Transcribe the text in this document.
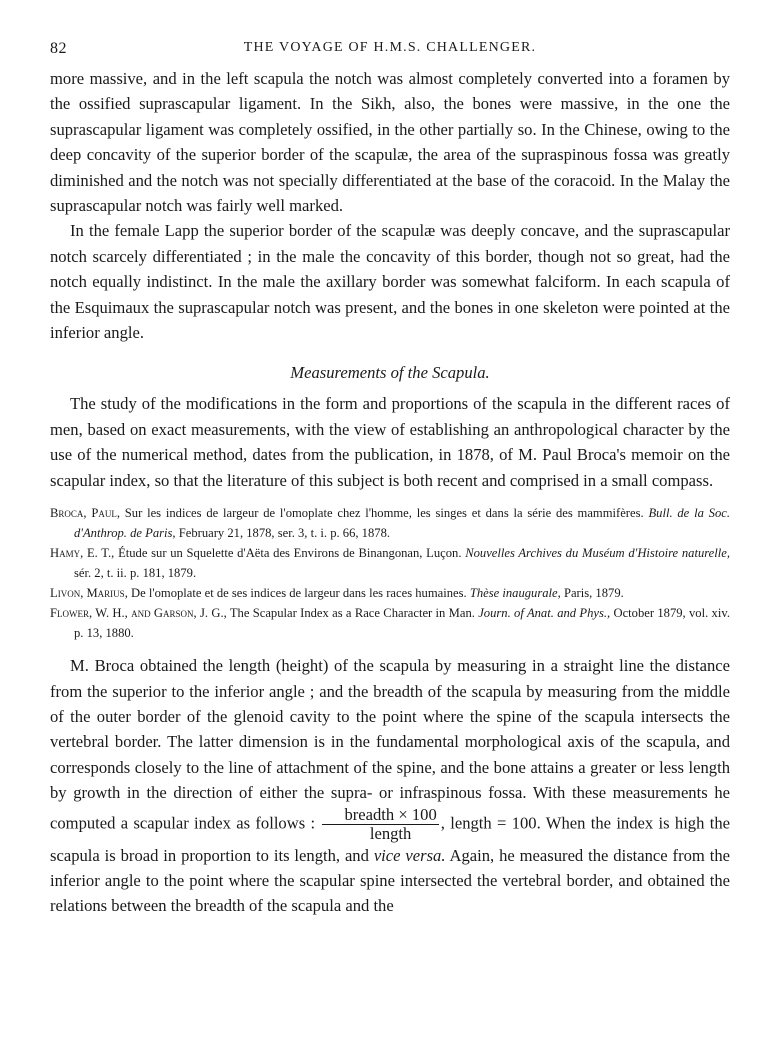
82	THE VOYAGE OF H.M.S. CHALLENGER.

more massive, and in the left scapula the notch was almost completely converted into a foramen by the ossified suprascapular ligament. In the Sikh, also, the bones were massive, in the one the suprascapular ligament was completely ossified, in the other partially so. In the Chinese, owing to the deep concavity of the superior border of the scapulæ, the area of the supraspinous fossa was greatly diminished and the notch was not specially differentiated at the base of the coracoid. In the Malay the suprascapular notch was fairly well marked.

In the female Lapp the superior border of the scapulæ was deeply concave, and the suprascapular notch scarcely differentiated ; in the male the concavity of this border, though not so great, had the notch equally indistinct. In the male the axillary border was somewhat falciform. In each scapula of the Esquimaux the suprascapular notch was present, and the bones in one skeleton were pointed at the inferior angle.

Measurements of the Scapula.

The study of the modifications in the form and proportions of the scapula in the different races of men, based on exact measurements, with the view of establishing an anthropological character by the use of the numerical method, dates from the publication, in 1878, of M. Paul Broca's memoir on the scapular index, so that the literature of this subject is both recent and comprised in a small compass.

Broca, Paul, Sur les indices de largeur de l'omoplate chez l'homme, les singes et dans la série des mammifères. Bull. de la Soc. d'Anthrop. de Paris, February 21, 1878, ser. 3, t. i. p. 66, 1878.
Hamy, E. T., Étude sur un Squelette d'Aëta des Environs de Binangonan, Luçon. Nouvelles Archives du Muséum d'Histoire naturelle, sér. 2, t. ii. p. 181, 1879.
Livon, Marius, De l'omoplate et de ses indices de largeur dans les races humaines. Thèse inaugurale, Paris, 1879.
Flower, W. H., and Garson, J. G., The Scapular Index as a Race Character in Man. Journ. of Anat. and Phys., October 1879, vol. xiv. p. 13, 1880.

M. Broca obtained the length (height) of the scapula by measuring in a straight line the distance from the superior to the inferior angle ; and the breadth of the scapula by measuring from the middle of the outer border of the glenoid cavity to the point where the spine of the scapula intersects the vertebral border. The latter dimension is in the fundamental morphological axis of the scapula, and corresponds closely to the line of attachment of the spine, and the bone attains a greater or less length by growth in the direction of either the supra- or infraspinous fossa. With these measurements he computed a scapular index as follows : $\frac{\text{breadth × 100}}{\text{length}}$ , length = 100. When the index is high the scapula is broad in proportion to its length, and vice versa. Again, he measured the distance from the inferior angle to the point where the scapular spine intersected the vertebral border, and obtained the relations between the breadth of the scapula and the
